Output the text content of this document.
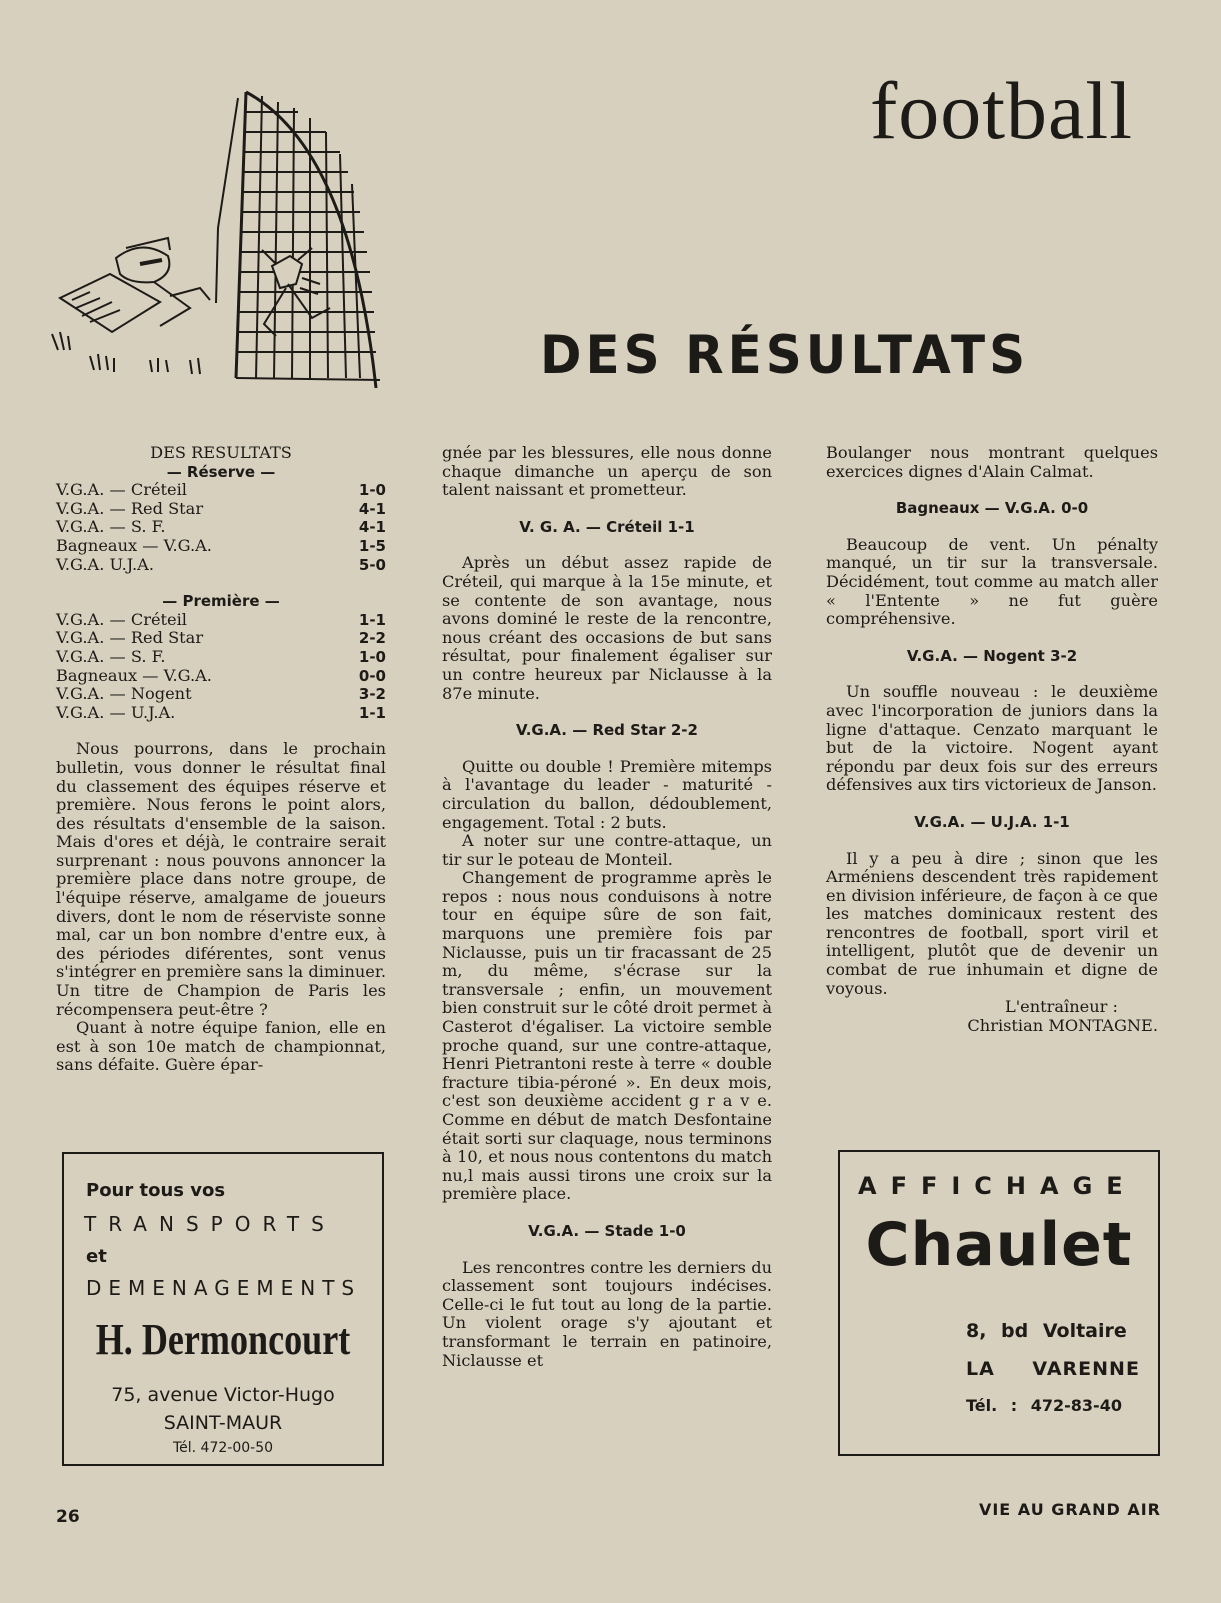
football
DES RÉSULTATS
DES RESULTATS
— Réserve —
V.G.A. — Créteil	1-0
V.G.A. — Red Star	4-1
V.G.A. — S. F.	4-1
Bagneaux — V.G.A.	1-5
V.G.A. U.J.A.	5-0
— Première —
V.G.A. — Créteil	1-1
V.G.A. — Red Star	2-2
V.G.A. — S. F.	1-0
Bagneaux — V.G.A.	0-0
V.G.A. — Nogent	3-2
V.G.A. — U.J.A.	1-1

Nous pourrons, dans le prochain bulletin, vous donner le résultat final du classement des équipes réserve et première. Nous ferons le point alors, des résultats d'ensemble de la saison. Mais d'ores et déjà, le contraire serait surprenant : nous pouvons annoncer la première place dans notre groupe, de l'équipe réserve, amalgame de joueurs divers, dont le nom de réserviste sonne mal, car un bon nombre d'entre eux, à des périodes diférentes, sont venus s'intégrer en première sans la diminuer. Un titre de Champion de Paris les récompensera peut-être ?

Quant à notre équipe fanion, elle en est à son 10e match de championnat, sans défaite. Guère épar-

gnée par les blessures, elle nous donne chaque dimanche un aperçu de son talent naissant et prometteur.

V. G. A. — Créteil 1-1

Après un début assez rapide de Créteil, qui marque à la 15e minute, et se contente de son avantage, nous avons dominé le reste de la rencontre, nous créant des occasions de but sans résultat, pour finalement égaliser sur un contre heureux par Niclausse à la 87e minute.

V.G.A. — Red Star 2-2

Quitte ou double ! Première mitemps à l'avantage du leader - maturité - circulation du ballon, dédoublement, engagement. Total : 2 buts.

A noter sur une contre-attaque, un tir sur le poteau de Monteil.

Changement de programme après le repos : nous nous conduisons à notre tour en équipe sûre de son fait, marquons une première fois par Niclausse, puis un tir fracassant de 25 m, du même, s'écrase sur la transversale ; enfin, un mouvement bien construit sur le côté droit permet à Casterot d'égaliser. La victoire semble proche quand, sur une contre-attaque, Henri Pietrantoni reste à terre « double fracture tibia-péroné ». En deux mois, c'est son deuxième accident g r a v e. Comme en début de match Desfontaine était sorti sur claquage, nous terminons à 10, et nous nous contentons du match nu,l mais aussi tirons une croix sur la première place.

V.G.A. — Stade 1-0

Les rencontres contre les derniers du classement sont toujours indécises. Celle-ci le fut tout au long de la partie. Un violent orage s'y ajoutant et transformant le terrain en patinoire, Niclausse et

Boulanger nous montrant quelques exercices dignes d'Alain Calmat.

Bagneaux — V.G.A. 0-0

Beaucoup de vent. Un pénalty manqué, un tir sur la transversale. Décidément, tout comme au match aller « l'Entente » ne fut guère compréhensive.

V.G.A. — Nogent 3-2

Un souffle nouveau : le deuxième avec l'incorporation de juniors dans la ligne d'attaque. Cenzato marquant le but de la victoire. Nogent ayant répondu par deux fois sur des erreurs défensives aux tirs victorieux de Janson.

V.G.A. — U.J.A. 1-1

Il y a peu à dire ; sinon que les Arméniens descendent très rapidement en division inférieure, de façon à ce que les matches dominicaux restent des rencontres de football, sport viril et intelligent, plutôt que de devenir un combat de rue inhumain et digne de voyous.

L'entraîneur :

Christian MONTAGNE.

Pour tous vos
TRANSPORTS
et
DEMENAGEMENTS
H. Dermoncourt
75, avenue Victor-Hugo
SAINT-MAUR
Tél. 472-00-50
AFFICHAGE
Chaulet
8, bd Voltaire
LA VARENNE
Tél. : 472-83-40
26	VIE AU GRAND AIR
